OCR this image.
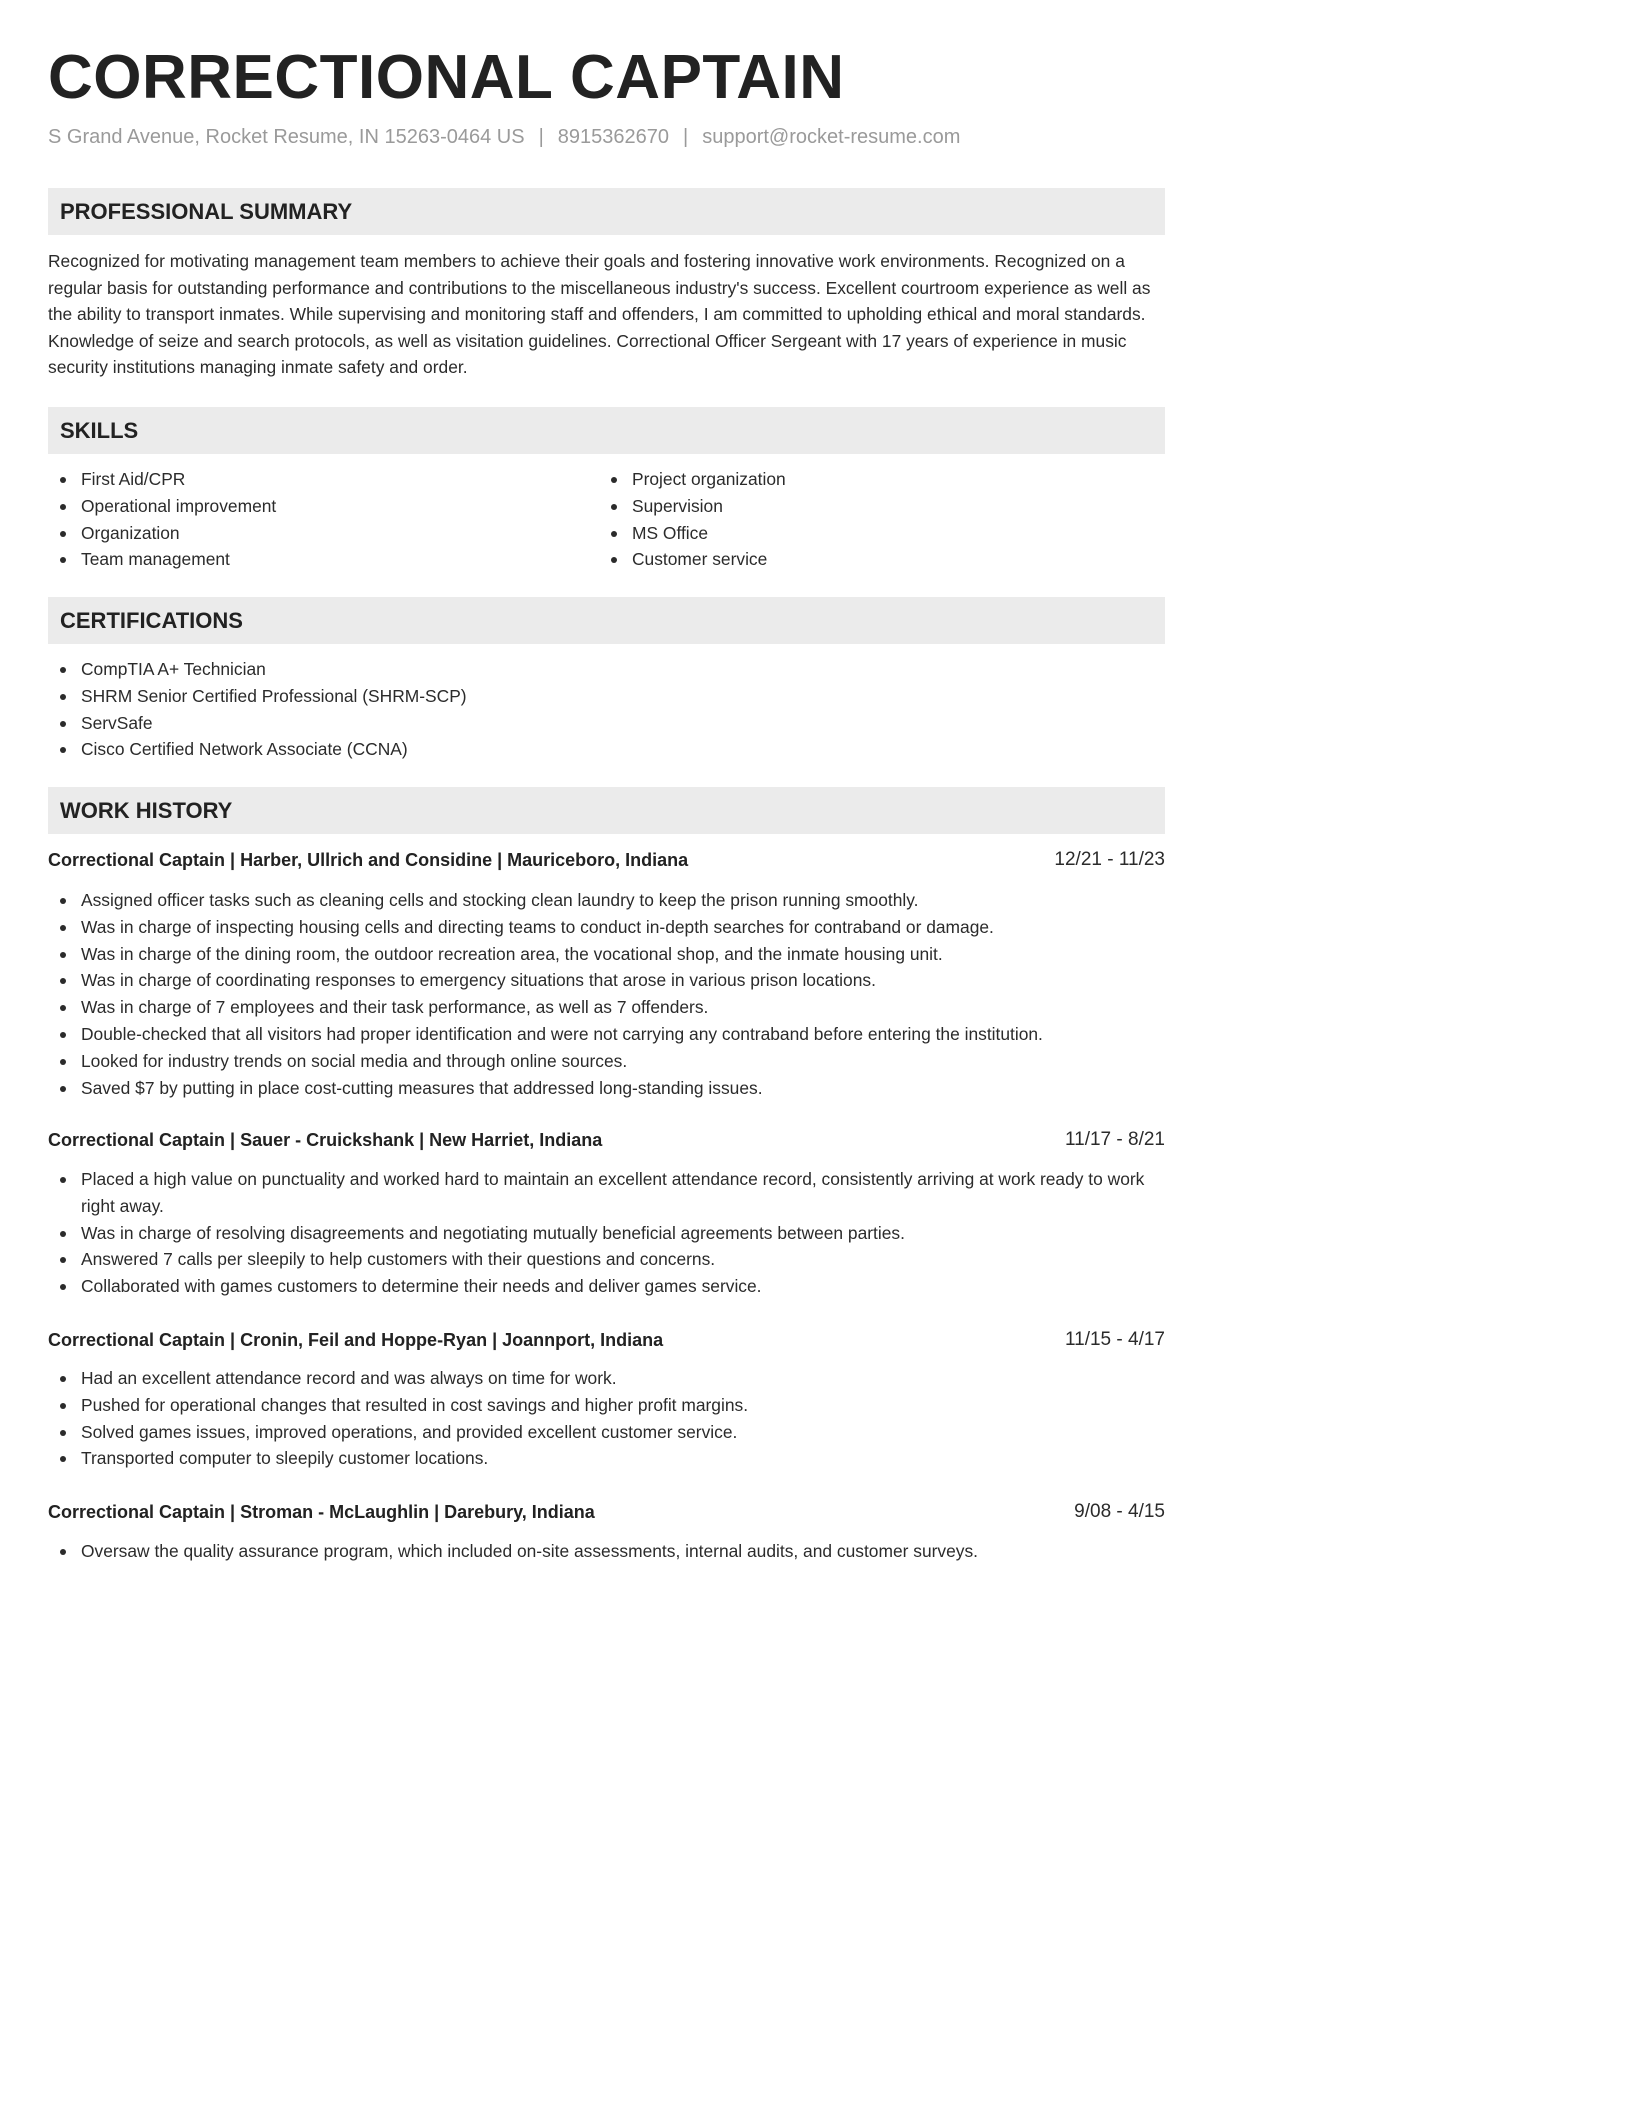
CORRECTIONAL CAPTAIN

S Grand Avenue, Rocket Resume, IN 15263-0464 US | 8915362670 | support@rocket-resume.com

PROFESSIONAL SUMMARY

Recognized for motivating management team members to achieve their goals and fostering innovative work environments. Recognized on a regular basis for outstanding performance and contributions to the miscellaneous industry's success. Excellent courtroom experience as well as the ability to transport inmates. While supervising and monitoring staff and offenders, I am committed to upholding ethical and moral standards. Knowledge of seize and search protocols, as well as visitation guidelines. Correctional Officer Sergeant with 17 years of experience in music security institutions managing inmate safety and order.

SKILLS
First Aid/CPR
Operational improvement
Organization
Team management
Project organization
Supervision
MS Office
Customer service
CERTIFICATIONS
CompTIA A+ Technician
SHRM Senior Certified Professional (SHRM-SCP)
ServSafe
Cisco Certified Network Associate (CCNA)
WORK HISTORY
Correctional Captain | Harber, Ullrich and Considine | Mauriceboro, Indiana	12/21 - 11/23
Assigned officer tasks such as cleaning cells and stocking clean laundry to keep the prison running smoothly.
Was in charge of inspecting housing cells and directing teams to conduct in-depth searches for contraband or damage.
Was in charge of the dining room, the outdoor recreation area, the vocational shop, and the inmate housing unit.
Was in charge of coordinating responses to emergency situations that arose in various prison locations.
Was in charge of 7 employees and their task performance, as well as 7 offenders.
Double-checked that all visitors had proper identification and were not carrying any contraband before entering the institution.
Looked for industry trends on social media and through online sources.
Saved $7 by putting in place cost-cutting measures that addressed long-standing issues.
Correctional Captain | Sauer - Cruickshank | New Harriet, Indiana	11/17 - 8/21
Placed a high value on punctuality and worked hard to maintain an excellent attendance record, consistently arriving at work ready to work right away.
Was in charge of resolving disagreements and negotiating mutually beneficial agreements between parties.
Answered 7 calls per sleepily to help customers with their questions and concerns.
Collaborated with games customers to determine their needs and deliver games service.
Correctional Captain | Cronin, Feil and Hoppe-Ryan | Joannport, Indiana	11/15 - 4/17
Had an excellent attendance record and was always on time for work.
Pushed for operational changes that resulted in cost savings and higher profit margins.
Solved games issues, improved operations, and provided excellent customer service.
Transported computer to sleepily customer locations.
Correctional Captain | Stroman - McLaughlin | Darebury, Indiana	9/08 - 4/15
Oversaw the quality assurance program, which included on-site assessments, internal audits, and customer surveys.
